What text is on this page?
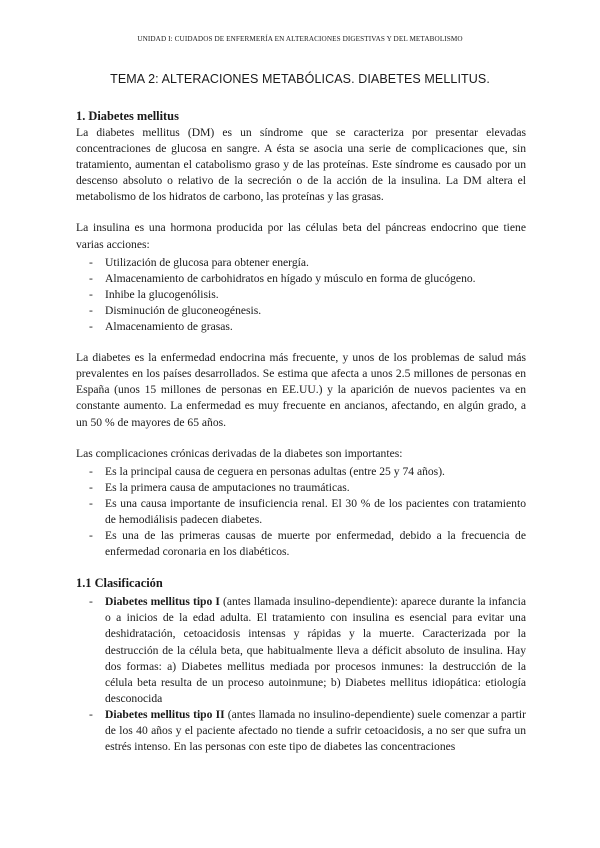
UNIDAD I: CUIDADOS DE ENFERMERÍA EN ALTERACIONES DIGESTIVAS Y DEL METABOLISMO
TEMA 2: ALTERACIONES METABÓLICAS. DIABETES MELLITUS.
1. Diabetes mellitus

La diabetes mellitus (DM) es un síndrome que se caracteriza por presentar elevadas concentraciones de glucosa en sangre. A ésta se asocia una serie de complicaciones que, sin tratamiento, aumentan el catabolismo graso y de las proteínas. Este síndrome es causado por un descenso absoluto o relativo de la secreción o de la acción de la insulina. La DM altera el metabolismo de los hidratos de carbono, las proteínas y las grasas.

La insulina es una hormona producida por las células beta del páncreas endocrino que tiene varias acciones:

- Utilización de glucosa para obtener energía.
- Almacenamiento de carbohidratos en hígado y músculo en forma de glucógeno.
- Inhibe la glucogenólisis.
- Disminución de gluconeogénesis.
- Almacenamiento de grasas.

La diabetes es la enfermedad endocrina más frecuente, y unos de los problemas de salud más prevalentes en los países desarrollados. Se estima que afecta a unos 2.5 millones de personas en España (unos 15 millones de personas en EE.UU.) y la aparición de nuevos pacientes va en constante aumento. La enfermedad es muy frecuente en ancianos, afectando, en algún grado, a un 50 % de mayores de 65 años.

Las complicaciones crónicas derivadas de la diabetes son importantes:

- Es la principal causa de ceguera en personas adultas (entre 25 y 74 años).
- Es la primera causa de amputaciones no traumáticas.
- Es una causa importante de insuficiencia renal. El 30 % de los pacientes con tratamiento de hemodiálisis padecen diabetes.
- Es una de las primeras causas de muerte por enfermedad, debido a la frecuencia de enfermedad coronaria en los diabéticos.
1.1 Clasificación
- Diabetes mellitus tipo I (antes llamada insulino-dependiente): aparece durante la infancia o a inicios de la edad adulta. El tratamiento con insulina es esencial para evitar una deshidratación, cetoacidosis intensas y rápidas y la muerte. Caracterizada por la destrucción de la célula beta, que habitualmente lleva a déficit absoluto de insulina. Hay dos formas: a) Diabetes mellitus mediada por procesos inmunes: la destrucción de la célula beta resulta de un proceso autoinmune; b) Diabetes mellitus idiopática: etiología desconocida
- Diabetes mellitus tipo II (antes llamada no insulino-dependiente) suele comenzar a partir de los 40 años y el paciente afectado no tiende a sufrir cetoacidosis, a no ser que sufra un estrés intenso. En las personas con este tipo de diabetes las concentraciones
